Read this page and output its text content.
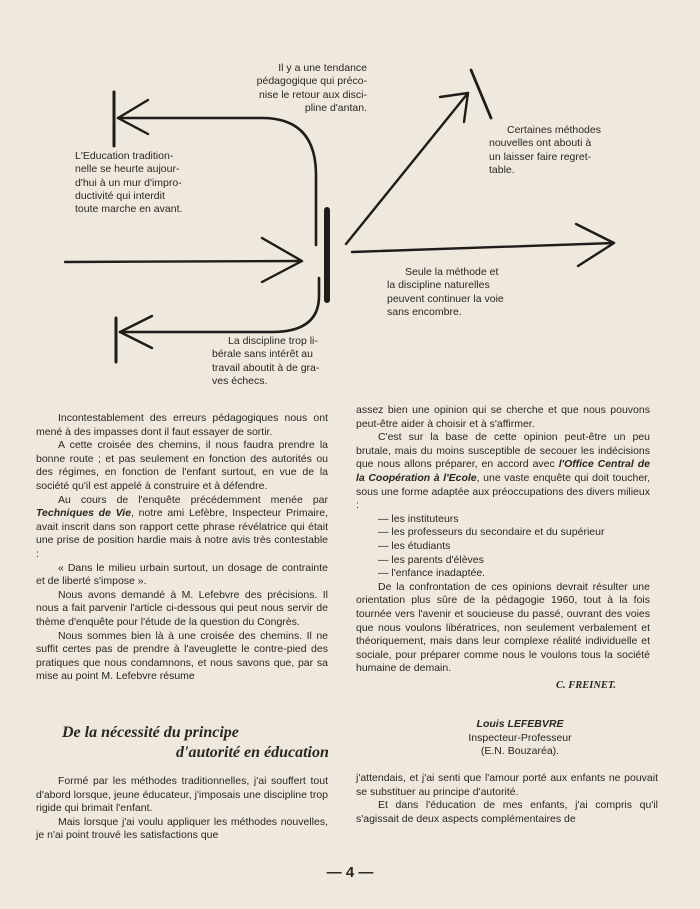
Il y a une tendance
pédagogique qui préco-
nise le retour aux disci-
pline d'antan.
L'Education tradition-
nelle se heurte aujour-
d'hui à un mur d'impro-
ductivité qui interdit
toute marche en avant.
Certaines méthodes
nouvelles ont abouti à
un laisser faire regret-
table.
Seule la méthode et
la discipline naturelles
peuvent continuer la voie
sans encombre.
La discipline trop li-
bérale sans intérêt au
travail aboutit à de gra-
ves échecs.

Incontestablement des erreurs pédagogiques nous ont mené à des impasses dont il faut essayer de sortir.

A cette croisée des chemins, il nous faudra prendre la bonne route ; et pas seulement en fonction des autorités ou des régimes, en fonction de l'enfant surtout, en vue de la société qu'il est appelé à construire et à défendre.

Au cours de l'enquête précédemment menée par Techniques de Vie, notre ami Lefèbre, Inspecteur Primaire, avait inscrit dans son rapport cette phrase révélatrice qui était une prise de position hardie mais à notre avis très contestable :

« Dans le milieu urbain surtout, un dosage de contrainte et de liberté s'impose ».

Nous avons demandé à M. Lefebvre des précisions. Il nous a fait parvenir l'article ci-dessous qui peut nous servir de thème d'enquête pour l'étude de la question du Congrès.

Nous sommes bien là à une croisée des chemins. Il ne suffit certes pas de prendre à l'aveuglette le contre-pied des pratiques que nous condamnons, et nous savons que, par sa mise au point M. Lefebvre résume

assez bien une opinion qui se cherche et que nous pouvons peut-être aider à choisir et à s'affirmer.

C'est sur la base de cette opinion peut-être un peu brutale, mais du moins susceptible de secouer les indécisions que nous allons préparer, en accord avec l'Office Central de la Coopération à l'Ecole, une vaste enquête qui doit toucher, sous une forme adaptée aux préoccupations des divers milieux :

— les instituteurs
— les professeurs du secondaire et du supérieur
— les étudiants
— les parents d'élèves
— l'enfance inadaptée.

De la confrontation de ces opinions devrait résulter une orientation plus sûre de la pédagogie 1960, tout à la fois tournée vers l'avenir et soucieuse du passé, ouvrant des voies que nous voulons libératrices, non seulement verbalement et théoriquement, mais dans leur complexe réalité individuelle et sociale, pour préparer comme nous le voulons tous la société humaine de demain.

C. FREINET.
De la nécessité du principe
d'autorité en éducation
Louis LEFEBVRE
Inspecteur-Professeur
(E.N. Bouzaréa).

Formé par les méthodes traditionnelles, j'ai souffert tout d'abord lorsque, jeune éducateur, j'imposais une discipline trop rigide qui brimait l'enfant.

Mais lorsque j'ai voulu appliquer les méthodes nouvelles, je n'ai point trouvé les satisfactions que

j'attendais, et j'ai senti que l'amour porté aux enfants ne pouvait se substituer au principe d'autorité.

Et dans l'éducation de mes enfants, j'ai compris qu'il s'agissait de deux aspects complémentaires de

— 4 —
